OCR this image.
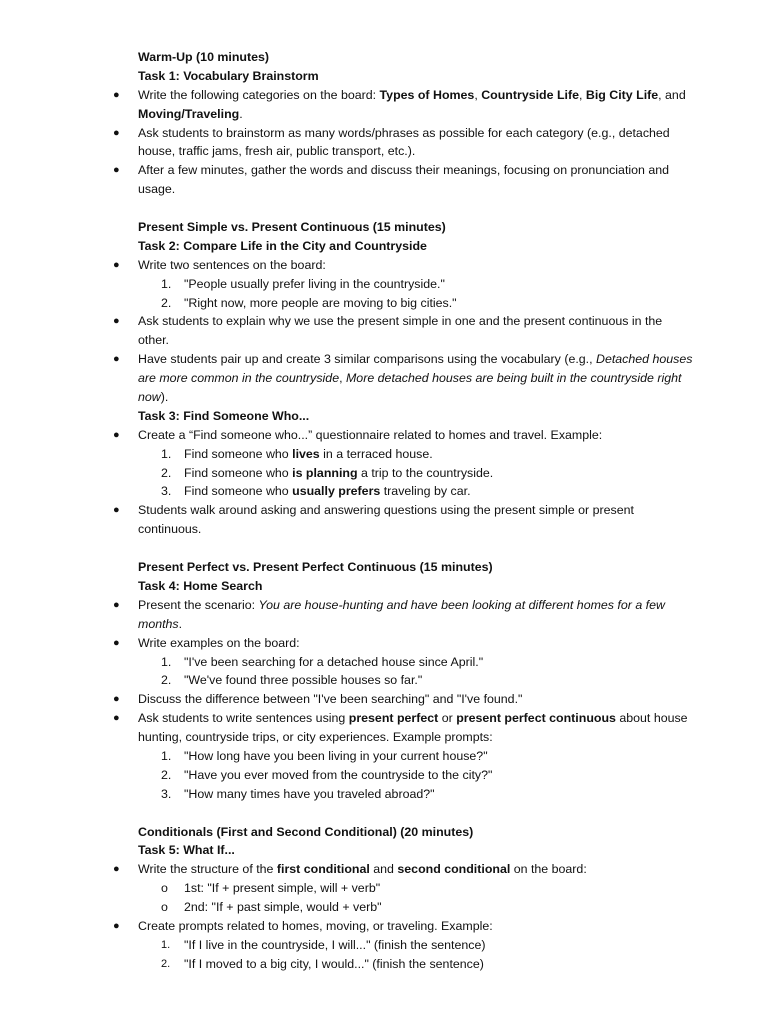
Warm-Up (10 minutes)
Task 1: Vocabulary Brainstorm
● Write the following categories on the board: Types of Homes, Countryside Life, Big City Life, and
Moving/Traveling.
● Ask students to brainstorm as many words/phrases as possible for each category (e.g., detached
house, traffic jams, fresh air, public transport, etc.).
● After a few minutes, gather the words and discuss their meanings, focusing on pronunciation and
usage.
Present Simple vs. Present Continuous (15 minutes)
Task 2: Compare Life in the City and Countryside
● Write two sentences on the board:
1. "People usually prefer living in the countryside."
2. "Right now, more people are moving to big cities."
● Ask students to explain why we use the present simple in one and the present continuous in the
other.
● Have students pair up and create 3 similar comparisons using the vocabulary (e.g., Detached houses
are more common in the countryside, More detached houses are being built in the countryside right
now).
Task 3: Find Someone Who...
● Create a “Find someone who...” questionnaire related to homes and travel. Example:
1. Find someone who lives in a terraced house.
2. Find someone who is planning a trip to the countryside.
3. Find someone who usually prefers traveling by car.
● Students walk around asking and answering questions using the present simple or present
continuous.
Present Perfect vs. Present Perfect Continuous (15 minutes)
Task 4: Home Search
● Present the scenario: You are house-hunting and have been looking at different homes for a few
months.
● Write examples on the board:
1. "I've been searching for a detached house since April."
2. "We've found three possible houses so far."
● Discuss the difference between "I've been searching" and "I've found."
● Ask students to write sentences using present perfect or present perfect continuous about house
hunting, countryside trips, or city experiences. Example prompts:
1. "How long have you been living in your current house?"
2. "Have you ever moved from the countryside to the city?"
3. "How many times have you traveled abroad?"
Conditionals (First and Second Conditional) (20 minutes)
Task 5: What If...
● Write the structure of the first conditional and second conditional on the board:
o 1st: "If + present simple, will + verb"
o 2nd: "If + past simple, would + verb"
● Create prompts related to homes, moving, or traveling. Example:
1. "If I live in the countryside, I will..." (finish the sentence)
2. "If I moved to a big city, I would..." (finish the sentence)
